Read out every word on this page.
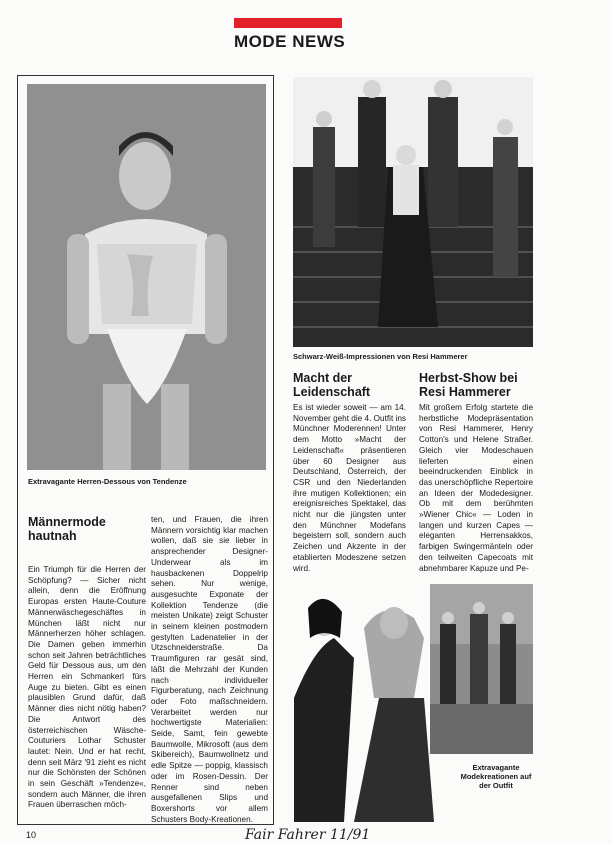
MODE NEWS
Extravagante Herren-Dessous von Tendenze
Männermode hautnah
Ein Triumph für die Herren der Schöpfung? — Sicher nicht allein, denn die Eröffnung Europas ersten Haute-Couture Männerwäschegeschäftes in München läßt nicht nur Männerherzen höher schlagen. Die Damen geben immerhin schon seit Jahren beträchtliches Geld für Dessous aus, um den Herren ein Schmankerl fürs Auge zu bieten. Gibt es einen plausiblen Grund dafür, daß Männer dies nicht nötig haben? Die Antwort des österreichischen Wäsche-Couturiers Lothar Schuster lautet: Nein. Und er hat recht, denn seit März '91 zieht es nicht nur die Schönsten der Schönen in sein Geschäft »Tendenze«, sondern auch Männer, die ihren Frauen überraschen möch-
ten, und Frauen, die ihren Männern vorsichtig klar machen wollen, daß sie sie lieber in ansprechender Designer-Underwear als im hausbackenen Doppelrip sehen. Nur wenige, ausgesuchte Exponate der Kollektion Tendenze (die meisten Unikate) zeigt Schuster in seinem kleinen postmodern gestylten Ladenatelier in der Utzschneiderstraße. Da Traumfiguren rar gesät sind, läßt die Mehrzahl der Kunden nach individueller Figurberatung, nach Zeichnung oder Foto maßschneidern. Verarbeitet werden nur hochwertigste Materialien: Seide, Samt, fein gewebte Baumwolle, Mikrosoft (aus dem Skibereich), Baumwollnetz und edle Spitze — poppig, klassisch oder im Rosen-Dessin. Der Renner sind neben ausgefallenen Slips und Boxershorts vor allem Schusters Body-Kreationen.
Schwarz-Weiß-Impressionen von Resi Hammerer
Macht der Leidenschaft
Es ist wieder soweit — am 14. November geht die 4. Outfit ins Münchner Moderennen! Unter dem Motto »Macht der Leidenschaft« präsentieren über 60 Designer aus Deutschland, Österreich, der CSR und den Niederlanden ihre mutigen Kollektionen; ein ereignisreiches Spektakel, das nicht nur die jüngsten unter den Münchner Modefans begeistern soll, sondern auch Zeichen und Akzente in der etablierten Modeszene setzen wird.
Herbst-Show bei Resi Hammerer
Mit großem Erfolg startete die herbstliche Modepräsentation von Resi Hammerer, Henry Cotton's und Helene Straßer. Gleich vier Modeschauen lieferten einen beeindruckenden Einblick in das unerschöpfliche Repertoire an Ideen der Modedesigner. Ob mit dem berühmten »Wiener Chic« — Loden in langen und kurzen Capes — eleganten Herrensakkos, farbigen Swingermänteln oder den teilweiten Capecoats mit abnehmbarer Kapuze und Pe-
Extravagante Modekreationen auf der Outfit
10	Fair Fahrer 11/91
